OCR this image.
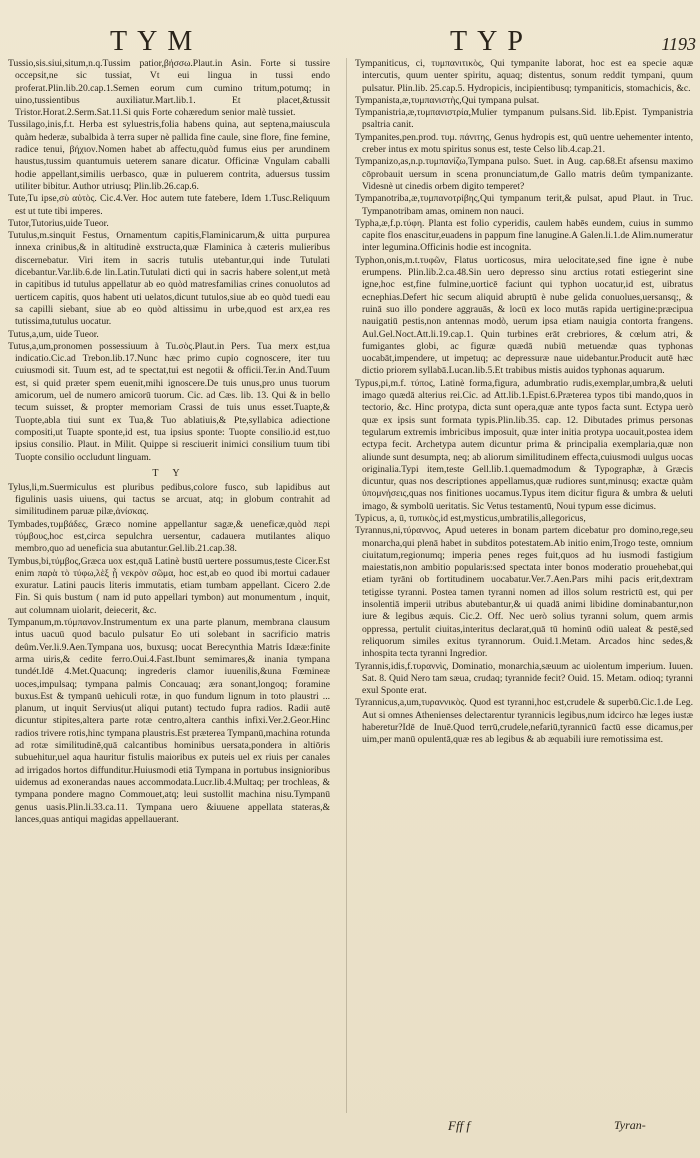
TYM	TYP	1193

Tussio,sis.siui,situm,n.q.Tussim patior,βήσσω.Plaut.in Asin. Forte si tussire occepsit,ne sic tussiat, Vt eui lingua in tussi endo proferat.Plin.lib.20.cap.1.Semen eorum cum cumino tritum,potumq; in uino,tussientibus auxiliatur.Mart.lib.1. Et placet,&tussit Tristor.Horat.2.Serm.Sat.11.Si quis Forte cohæredum senior malè tussiet.

Tussilago,inis,f.t. Herba est syluestris,folia habens quina, aut septena,maiuscula quàm hederæ, subalbida à terra super nè pallida fine caule, sine flore, fine femine, radice tenui, βήχιον.Nomen habet ab affectu,quòd fumus eius per arundinem haustus,tussim quantumuis ueterem sanare dicatur. Officinæ Vngulam caballi hodie appellant,similis uerbasco, quæ in puluerem contrita, aduersus tussim utiliter bibitur. Author utriusq; Plin.lib.26.cap.6.

Tute,Tu ipse,σὺ αὐτὸς. Cic.4.Ver. Hoc autem tute fatebere, Idem 1.Tusc.Reliquum est ut tute tibi imperes.

Tutor,Tutorius,uide Tueor.

Tutulus,m.sinquit Festus, Ornamentum capitis,Flaminicarum,& uitta purpurea innexa crinibus,& in altitudinè exstructa,quæ Flaminica à cæteris mulieribus discernebatur. Viri item in sacris tutulis utebantur,qui inde Tutulati dicebantur.Var.lib.6.de lin.Latin.Tutulati dicti qui in sacris habere solent,ut metà in capitibus id tutulus appellatur ab eo quòd matresfamilias crines conuolutos ad uerticem capitis, quos habent uti uelatos,dicunt tutulos,siue ab eo quòd tuedi eau sa capilli siebant, siue ab eo quòd altissimu in urbe,quod est arx,ea res tutissima,tutulus uocatur.

Tutus,a,um, uide Tueor.

Tutus,a,um,pronomen possessiuum à Tu.σὸς.Plaut.in Pers. Tua merx est,tua indicatio.Cic.ad Trebon.lib.17.Nunc hæc primo cupio cognoscere, iter tuu cuiusmodi sit. Tuum est, ad te spectat,tui est negotii & officii.Ter.in And.Tuum est, si quid præter spem euenit,mihi ignoscere.De tuis unus,pro unus tuorum amicorum, uel de numero amicorū tuorum. Cic. ad Cæs. lib. 13. Qui & in bello tecum suisset, & propter memoriam Crassi de tuis unus esset.Tuapte,& Tuopte,abla tiui sunt ex Tua,& Tuo ablatiuis,& Pte,syllabica adiectione compositi,ut Tuapte sponte,id est, tua ipsius sponte: Tuopte consilio.id est,tuo ipsius consilio. Plaut. in Milit. Quippe si resciuerit inimici consilium tuum tibi Tuopte consilio occludunt linguam.

T Y

Tylus,li,m.Suermiculus est pluribus pedibus,colore fusco, sub lapidibus aut figulinis uasis uiuens, qui tactus se arcuat, atq; in globum contrahit ad similitudinem paruæ pilæ,ἀνίσκας.

Tymbades,τυμβάδες, Græco nomine appellantur sagæ,& ueneficæ,quòd περὶ τύμβους,hoc est,circa sepulchra uersentur, cadauera mutilantes aliquo membro,quo ad ueneficia sua abutantur.Gel.lib.21.cap.38.

Tymbus,bi,τύμβος,Græca uox est,quā Latinè bustū uertere possumus,teste Cicer.Est enim παρὰ τὸ τύφω,λὲξ ᾗ νεκρὸν σῶμα, hoc est,ab eo quod ibi mortui cadauer exuratur. Latini paucis literis immutatis, etiam tumbam appellant. Cicero 2.de Fin. Si quis bustum ( nam id puto appellari tymbon) aut monumentum , inquit, aut columnam uiolarit, deiecerit, &c.

Tympanum,m.τύμπανον.Instrumentum ex una parte planum, membrana clausum intus uacuū quod baculo pulsatur Eo uti solebant in sacrificio matris deûm.Ver.li.9.Aen.Tympana uos, buxusq; uocat Berecynthia Matris Idææ:finite arma uiris,& cedite ferro.Oui.4.Fast.Ibunt semimares,& inania tympana tundét.Idē 4.Met.Quacunq; ingrederis clamor iuuenilis,&una Fœmineæ uoces,impulsaq; tympana palmis Concauaq; æra sonant,longoq; foramine buxus.Est & tympanū uehiculi rotæ, in quo fundum lignum in toto plaustri ... planum, ut inquit Servius(ut aliqui putant) tectudo fupra radios. Radii autē dicuntur stipites,altera parte rotæ centro,altera canthis infixi.Ver.2.Geor.Hinc radios trivere rotis,hinc tympana plaustris.Est præterea Tympanū,machina rotunda ad rotæ similitudinē,quā calcantibus hominibus uersata,pondera in altiōris subuehitur,uel aqua hauritur fistulis maioribus ex puteis uel ex riuis per canales ad irrigados hortos diffunditur.Huiusmodi etiā Tympana in portubus insignioribus uidemus ad exonerandas naues accommodata.Lucr.lib.4.Multaq; per trochleas, & tympana pondere magno Commouet,atq; leui sustollit machina nisu.Tympanū genus uasis.Plin.li.33.ca.11. Tympana uero &iuuene appellata stateras,& lances,quas antiqui magidas appellauerant.

Tympaniticus, ci, τυμπανιτικὸς, Qui tympanite laborat, hoc est ea specie aquæ intercutis, quum uenter spiritu, aquaq; distentus, sonum reddit tympani, quum pulsatur. Plin.lib. 25.cap.5. Hydropicis, incipientibusq; tympaniticis, stomachicis, &c.

Tympanista,æ,τυμπανιστὴς,Qui tympana pulsat.

Tympanistria,æ,τυμπανιστρία,Mulier tympanum pulsans.Sid. lib.Epist. Tympanistria psaltria canit.

Tympanites,pen.prod. τυμ. πάνιτης, Genus hydropis est, quū uentre uehementer intento, creber intus ex motu spiritus sonus est, teste Celso lib.4.cap.21.

Tympanizo,as,n.p.τυμπανίζω,Tympana pulso. Suet. in Aug. cap.68.Et afsensu maximo cōprobauit uersum in scena pronunciatum,de Gallo matris deûm tympanizante. Videsnè ut cinedis orbem digito temperet?

Tympanotriba,æ,τυμπανοτρίβης,Qui tympanum terit,& pulsat, apud Plaut. in Truc. Tympanotribam amas, ominem non nauci.

Typha,æ,f.p.τύφη. Planta est folio cyperidis, caulem habēs eundem, cuius in summo capite flos enascitur,euadens in pappum fine lanugine.A Galen.li.1.de Alim.numeratur inter legumina.Officinis hodie est incognita.

Typhon,onis,m.t.τυφῶν, Flatus uorticosus, mira uelocitate,sed fine igne è nube erumpens. Plin.lib.2.ca.48.Sin uero depresso sinu arctius rotati estiegerint sine igne,hoc est,fine fulmine,uorticē faciunt qui typhon uocatur,id est, uibratus ecnephias.Defert hic secum aliquid abruptū è nube gelida conuolues,uersansq;, & ruinā suo illo pondere aggrauās, & locū ex loco mutās rapida uertigine:præcipua nauigatiū pestis,non antennas modò, uerum ipsa etiam nauigia contorta frangens. Aul.Gel.Noct.Att.li.19.cap.1. Quin turbines erāt crebriores, & cœlum atri, & fumigantes globi, ac figuræ quædā nubiū metuendæ quas typhonas uocabāt,impendere, ut impetuq; ac depressuræ naue uidebantur.Producit autē hæc dictio priorem syllabā.Lucan.lib.5.Et trabibus mistis auidos typhonas aquarum.

Typus,pi,m.f. τύπος, Latinè forma,figura, adumbratio rudis,exemplar,umbra,& ueluti imago quædā alterius rei.Cic. ad Att.lib.1.Epist.6.Præterea typos tibi mando,quos in tectorio, &c. Hinc protypa, dicta sunt opera,quæ ante typos facta sunt. Ectypa uerò quæ ex ipsis sunt formata typis.Plin.lib.35. cap. 12. Dibutades primus personas tegularum extremis imbricibus imposuit, quæ inter initia protypa uocauit,postea idem ectypa fecit. Archetypa autem dicuntur prima & principalia exemplaria,quæ non aliunde sunt desumpta, neq; ab aliorum similitudinem effecta,cuiusmodi uulgus uocas originalia.Typi item,teste Gell.lib.1.quemadmodum & Typographæ, à Græcis dicuntur, quas nos descriptiones appellamus,quæ rudiores sunt,minusq; exactæ quàm ὑπομνήσεις,quas nos finitiones uocamus.Typus item dicitur figura & umbra & ueluti imago, & symbolū ueritatis. Sic Vetus testamentū, Noui typum esse dicimus.

Typicus, a, ū, τυπικὸς,id est,mysticus,umbratilis,allegoricus,

Tyrannus,ni,τύραννος, Apud ueteres in bonam partem dicebatur pro domino,rege,seu monarcha,qui plenā habet in subditos potestatem.Ab initio enim,Trogo teste, omnium ciuitatum,regionumq; imperia penes reges fuit,quos ad hu iusmodi fastigium maiestatis,non ambitio popularis:sed spectata inter bonos moderatio prouehebat,qui etiam tyrāni ob fortitudinem uocabatur.Ver.7.Aen.Pars mihi pacis erit,dextram tetigisse tyranni. Postea tamen tyranni nomen ad illos solum restrictū est, qui per insolentiā imperii utribus abutebantur,& ui quadā animi libidine dominabantur,non iure & legibus æquis. Cic.2. Off. Nec uerò solius tyranni solum, quem armis oppressa, pertulit ciuitas,interitus declarat,quā tū hominū odiū ualeat & pestē,sed reliquorum similes exitus tyrannorum. Ouid.1.Metam. Arcados hinc sedes,& inhospita tecta tyranni Ingredior.

Tyrannis,idis,f.τυραννὶς, Dominatio, monarchia,sæuum ac uiolentum imperium. Iuuen. Sat. 8. Quid Nero tam sæua, crudaq; tyrannide fecit? Ouid. 15. Metam. odioq; tyranni exul Sponte erat.

Tyrannicus,a,um,τυραννικὸς. Quod est tyranni,hoc est,crudele & superbū.Cic.1.de Leg. Aut si omnes Athenienses delectarentur tyrannicis legibus,num idcirco hæ leges iustæ haberetur?Idē de Inuē.Quod terrū,crudele,nefariū,tyrannicū factū esse dicamus,per uim,per manū opulentā,quæ res ab legibus & ab æquabili iure remotissima est.

Fff f	Tyran-
